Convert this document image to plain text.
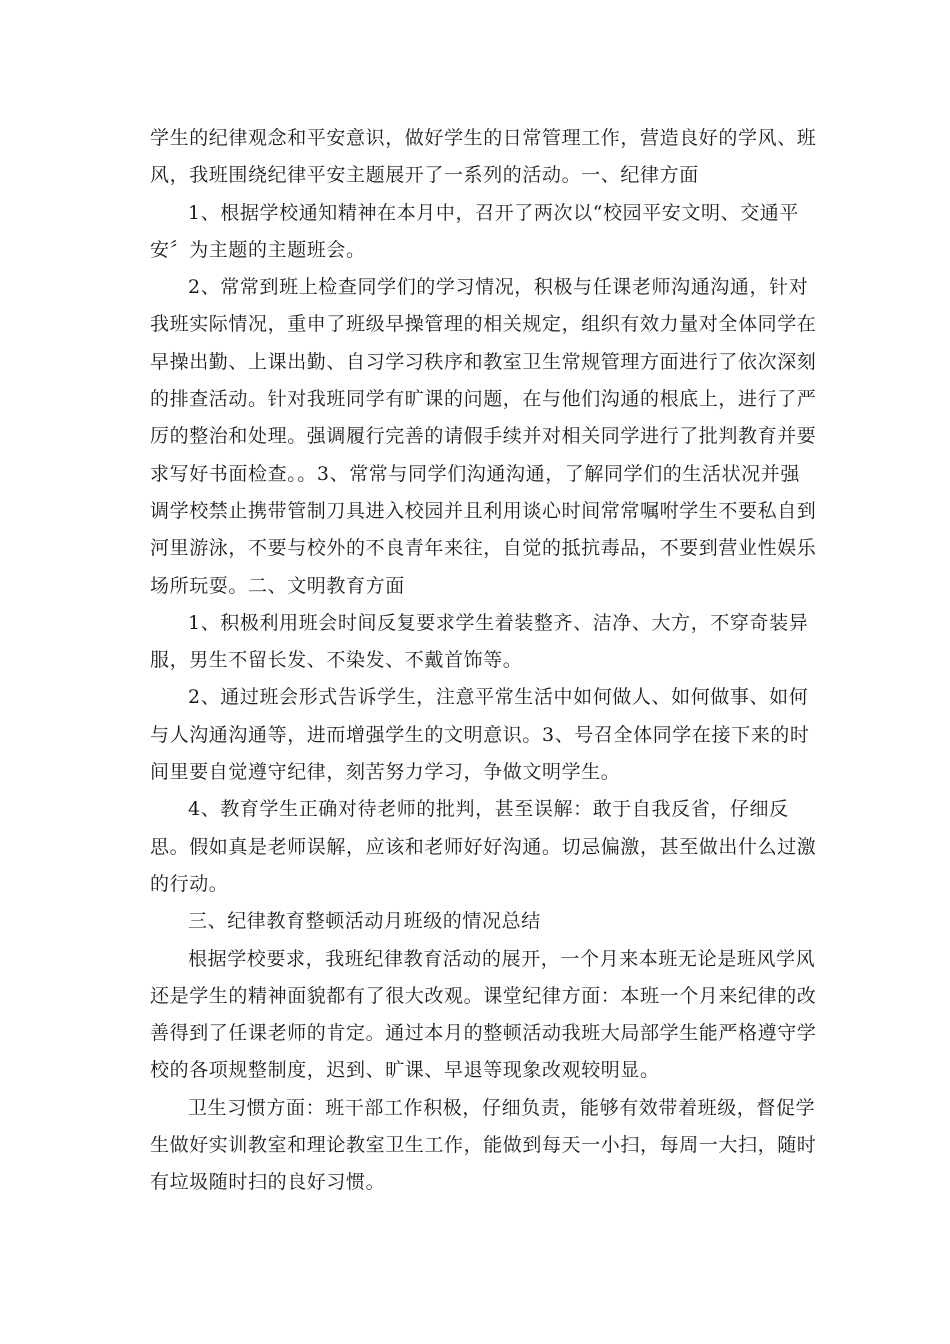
学生的纪律观念和平安意识，做好学生的日常管理工作，营造良好的学风、班
风，我班围绕纪律平安主题展开了一系列的活动。一、纪律方面
1、根据学校通知精神在本月中，召开了两次以“校园平安文明、交通平
安〞为主题的主题班会。
2、常常到班上检查同学们的学习情况，积极与任课老师沟通沟通，针对
我班实际情况，重申了班级早操管理的相关规定，组织有效力量对全体同学在
早操出勤、上课出勤、自习学习秩序和教室卫生常规管理方面进行了依次深刻
的排查活动。针对我班同学有旷课的问题，在与他们沟通的根底上，进行了严
厉的整治和处理。强调履行完善的请假手续并对相关同学进行了批判教育并要
求写好书面检查。。3、常常与同学们沟通沟通，了解同学们的生活状况并强
调学校禁止携带管制刀具进入校园并且利用谈心时间常常嘱咐学生不要私自到
河里游泳，不要与校外的不良青年来往，自觉的抵抗毒品，不要到营业性娱乐
场所玩耍。二、文明教育方面
1、积极利用班会时间反复要求学生着装整齐、洁净、大方，不穿奇装异
服，男生不留长发、不染发、不戴首饰等。
2、通过班会形式告诉学生，注意平常生活中如何做人、如何做事、如何
与人沟通沟通等，进而增强学生的文明意识。3、号召全体同学在接下来的时
间里要自觉遵守纪律，刻苦努力学习，争做文明学生。
4、教育学生正确对待老师的批判，甚至误解：敢于自我反省，仔细反
思。假如真是老师误解，应该和老师好好沟通。切忌偏激，甚至做出什么过激
的行动。
三、纪律教育整顿活动月班级的情况总结
根据学校要求，我班纪律教育活动的展开，一个月来本班无论是班风学风
还是学生的精神面貌都有了很大改观。课堂纪律方面：本班一个月来纪律的改
善得到了任课老师的肯定。通过本月的整顿活动我班大局部学生能严格遵守学
校的各项规整制度，迟到、旷课、早退等现象改观较明显。
卫生习惯方面：班干部工作积极，仔细负责，能够有效带着班级，督促学
生做好实训教室和理论教室卫生工作，能做到每天一小扫，每周一大扫，随时
有垃圾随时扫的良好习惯。
